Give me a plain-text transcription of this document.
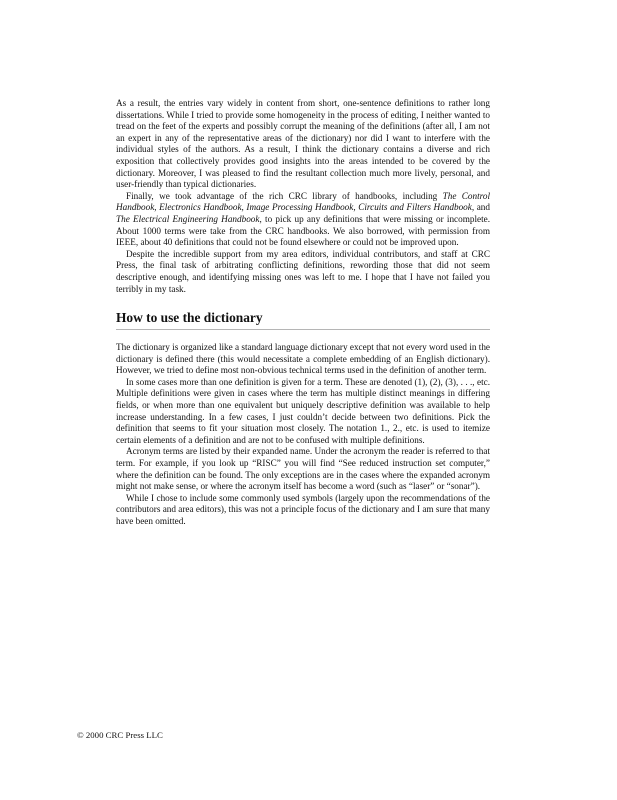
As a result, the entries vary widely in content from short, one-sentence definitions to rather long dissertations. While I tried to provide some homogeneity in the process of editing, I neither wanted to tread on the feet of the experts and possibly corrupt the meaning of the definitions (after all, I am not an expert in any of the representative areas of the dictionary) nor did I want to interfere with the individual styles of the authors. As a result, I think the dictionary contains a diverse and rich exposition that collectively provides good insights into the areas intended to be covered by the dictionary. Moreover, I was pleased to find the resultant collection much more lively, personal, and user-friendly than typical dictionaries.

Finally, we took advantage of the rich CRC library of handbooks, including The Control Handbook, Electronics Handbook, Image Processing Handbook, Circuits and Filters Handbook, and The Electrical Engineering Handbook, to pick up any definitions that were missing or incomplete. About 1000 terms were take from the CRC handbooks. We also borrowed, with permission from IEEE, about 40 definitions that could not be found elsewhere or could not be improved upon.

Despite the incredible support from my area editors, individual contributors, and staff at CRC Press, the final task of arbitrating conflicting definitions, rewording those that did not seem descriptive enough, and identifying missing ones was left to me. I hope that I have not failed you terribly in my task.

How to use the dictionary

The dictionary is organized like a standard language dictionary except that not every word used in the dictionary is defined there (this would necessitate a complete embedding of an English dictionary). However, we tried to define most non-obvious technical terms used in the definition of another term.

In some cases more than one definition is given for a term. These are denoted (1), (2), (3), . . ., etc. Multiple definitions were given in cases where the term has multiple distinct meanings in differing fields, or when more than one equivalent but uniquely descriptive definition was available to help increase understanding. In a few cases, I just couldn’t decide between two definitions. Pick the definition that seems to fit your situation most closely. The notation 1., 2., etc. is used to itemize certain elements of a definition and are not to be confused with multiple definitions.

Acronym terms are listed by their expanded name. Under the acronym the reader is referred to that term. For example, if you look up “RISC” you will find “See reduced instruction set computer,” where the definition can be found. The only exceptions are in the cases where the expanded acronym might not make sense, or where the acronym itself has become a word (such as “laser” or “sonar”).

While I chose to include some commonly used symbols (largely upon the recommendations of the contributors and area editors), this was not a principle focus of the dictionary and I am sure that many have been omitted.

© 2000 CRC Press LLC
